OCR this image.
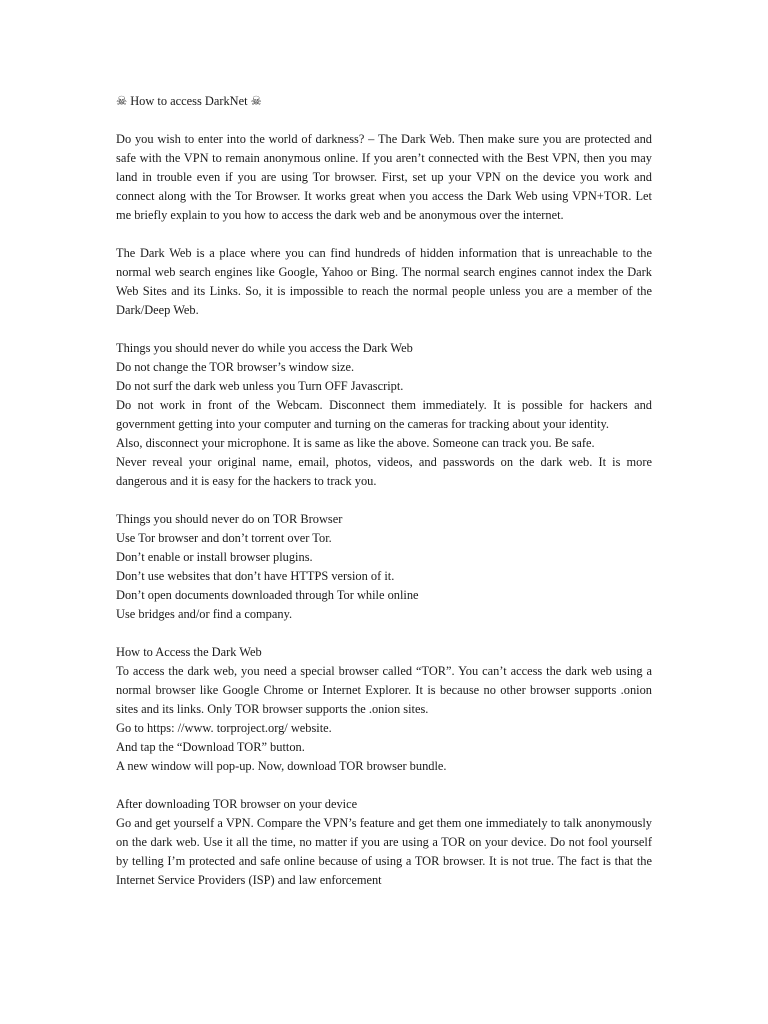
☠ How to access DarkNet ☠
Do you wish to enter into the world of darkness? – The Dark Web. Then make sure you are protected and safe with the VPN to remain anonymous online. If you aren’t connected with the Best VPN, then you may land in trouble even if you are using Tor browser. First, set up your VPN on the device you work and connect along with the Tor Browser. It works great when you access the Dark Web using VPN+TOR. Let me briefly explain to you how to access the dark web and be anonymous over the internet.
The Dark Web is a place where you can find hundreds of hidden information that is unreachable to the normal web search engines like Google, Yahoo or Bing. The normal search engines cannot index the Dark Web Sites and its Links. So, it is impossible to reach the normal people unless you are a member of the Dark/Deep Web.
Things you should never do while you access the Dark Web
Do not change the TOR browser’s window size.
Do not surf the dark web unless you Turn OFF Javascript.
Do not work in front of the Webcam. Disconnect them immediately. It is possible for hackers and government getting into your computer and turning on the cameras for tracking about your identity.
Also, disconnect your microphone. It is same as like the above. Someone can track you. Be safe.
Never reveal your original name, email, photos, videos, and passwords on the dark web. It is more dangerous and it is easy for the hackers to track you.
Things you should never do on TOR Browser
Use Tor browser and don’t torrent over Tor.
Don’t enable or install browser plugins.
Don’t use websites that don’t have HTTPS version of it.
Don’t open documents downloaded through Tor while online
Use bridges and/or find a company.
How to Access the Dark Web
To access the dark web, you need a special browser called “TOR”. You can’t access the dark web using a normal browser like Google Chrome or Internet Explorer. It is because no other browser supports .onion sites and its links. Only TOR browser supports the .onion sites.
Go to https: //www. torproject.org/ website.
And tap the “Download TOR” button.
A new window will pop-up. Now, download TOR browser bundle.
After downloading TOR browser on your device
Go and get yourself a VPN. Compare the VPN’s feature and get them one immediately to talk anonymously on the dark web. Use it all the time, no matter if you are using a TOR on your device. Do not fool yourself by telling I’m protected and safe online because of using a TOR browser. It is not true. The fact is that the Internet Service Providers (ISP) and law enforcement
